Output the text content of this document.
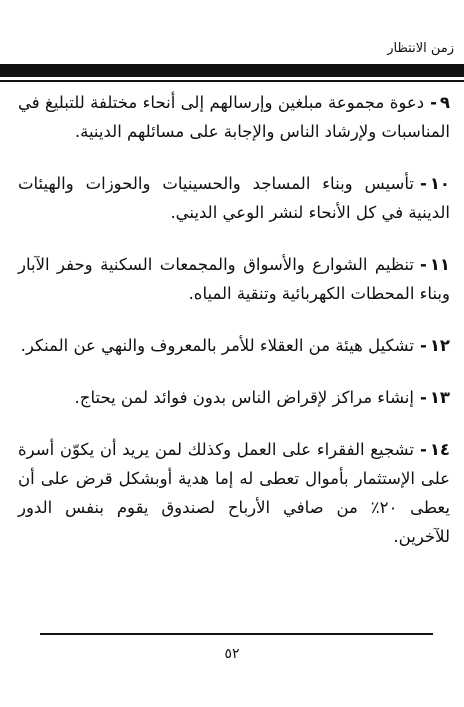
زمن الانتظار
٩-دعوة مجموعة مبلغين وإرسالهم إلى أنحاء مختلفة للتبليغ في المناسبات ولإرشاد الناس والإجابة على مسائلهم الدينية.
١٠-تأسيس وبناء المساجد والحسينيات والحوزات والهيئات الدينية في كل الأنحاء لنشر الوعي الديني.
١١-تنظيم الشوارع والأسواق والمجمعات السكنية وحفر الآبار وبناء المحطات الكهربائية وتنقية المياه.
١٢-تشكيل هيئة من العقلاء للأمر بالمعروف والنهي عن المنكر.
١٣-إنشاء مراكز لإقراض الناس بدون فوائد لمن يحتاج.
١٤-تشجيع الفقراء على العمل وكذلك لمن يريد أن يكوّن أسرة على الإستثمار بأموال تعطى له إما هدية أوبشكل قرض على أن يعطى ٢٠٪ من صافي الأرباح لصندوق يقوم بنفس الدور للآخرين.
٥٢
